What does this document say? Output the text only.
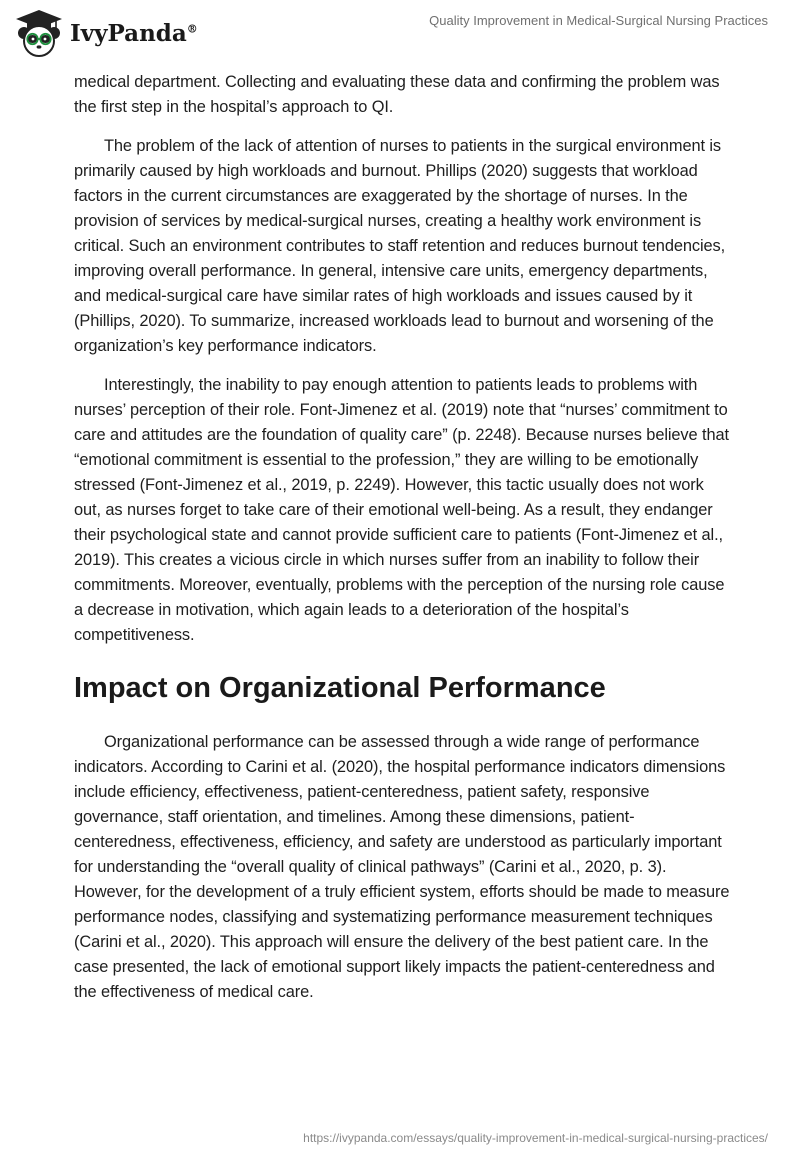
IvyPanda®
Quality Improvement in Medical-Surgical Nursing Practices

medical department. Collecting and evaluating these data and confirming the problem was the first step in the hospital’s approach to QI.

The problem of the lack of attention of nurses to patients in the surgical environment is primarily caused by high workloads and burnout. Phillips (2020) suggests that workload factors in the current circumstances are exaggerated by the shortage of nurses. In the provision of services by medical-surgical nurses, creating a healthy work environment is critical. Such an environment contributes to staff retention and reduces burnout tendencies, improving overall performance. In general, intensive care units, emergency departments, and medical-surgical care have similar rates of high workloads and issues caused by it (Phillips, 2020). To summarize, increased workloads lead to burnout and worsening of the organization’s key performance indicators.

Interestingly, the inability to pay enough attention to patients leads to problems with nurses’ perception of their role. Font-Jimenez et al. (2019) note that “nurses’ commitment to care and attitudes are the foundation of quality care” (p. 2248). Because nurses believe that “emotional commitment is essential to the profession,” they are willing to be emotionally stressed (Font-Jimenez et al., 2019, p. 2249). However, this tactic usually does not work out, as nurses forget to take care of their emotional well-being. As a result, they endanger their psychological state and cannot provide sufficient care to patients (Font-Jimenez et al., 2019). This creates a vicious circle in which nurses suffer from an inability to follow their commitments. Moreover, eventually, problems with the perception of the nursing role cause a decrease in motivation, which again leads to a deterioration of the hospital’s competitiveness.

Impact on Organizational Performance

Organizational performance can be assessed through a wide range of performance indicators. According to Carini et al. (2020), the hospital performance indicators dimensions include efficiency, effectiveness, patient-centeredness, patient safety, responsive governance, staff orientation, and timelines. Among these dimensions, patient-centeredness, effectiveness, efficiency, and safety are understood as particularly important for understanding the “overall quality of clinical pathways” (Carini et al., 2020, p. 3). However, for the development of a truly efficient system, efforts should be made to measure performance nodes, classifying and systematizing performance measurement techniques (Carini et al., 2020). This approach will ensure the delivery of the best patient care. In the case presented, the lack of emotional support likely impacts the patient-centeredness and the effectiveness of medical care.

https://ivypanda.com/essays/quality-improvement-in-medical-surgical-nursing-practices/
